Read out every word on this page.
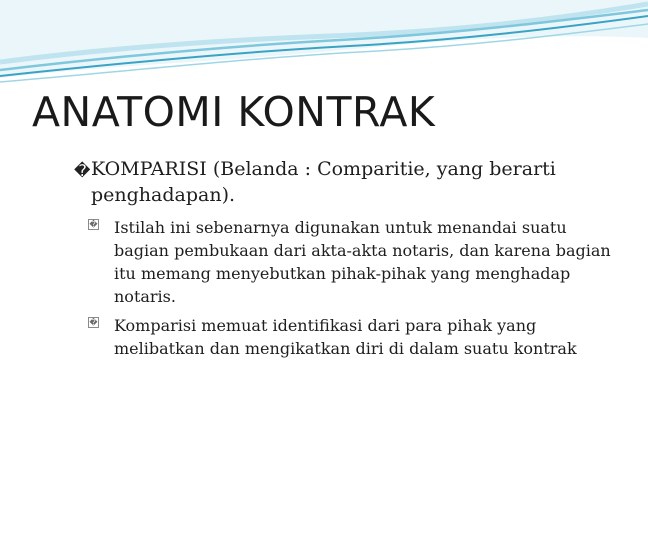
ANATOMI KONTRAK
� KOMPARISI (Belanda : Comparitie, yang berarti penghadapan).
� Istilah ini sebenarnya digunakan untuk menandai suatu bagian pembukaan dari akta-akta notaris, dan karena bagian itu memang menyebutkan pihak-pihak yang menghadap notaris.
� Komparisi memuat identifikasi dari para pihak yang melibatkan dan mengikatkan diri di dalam suatu kontrak
